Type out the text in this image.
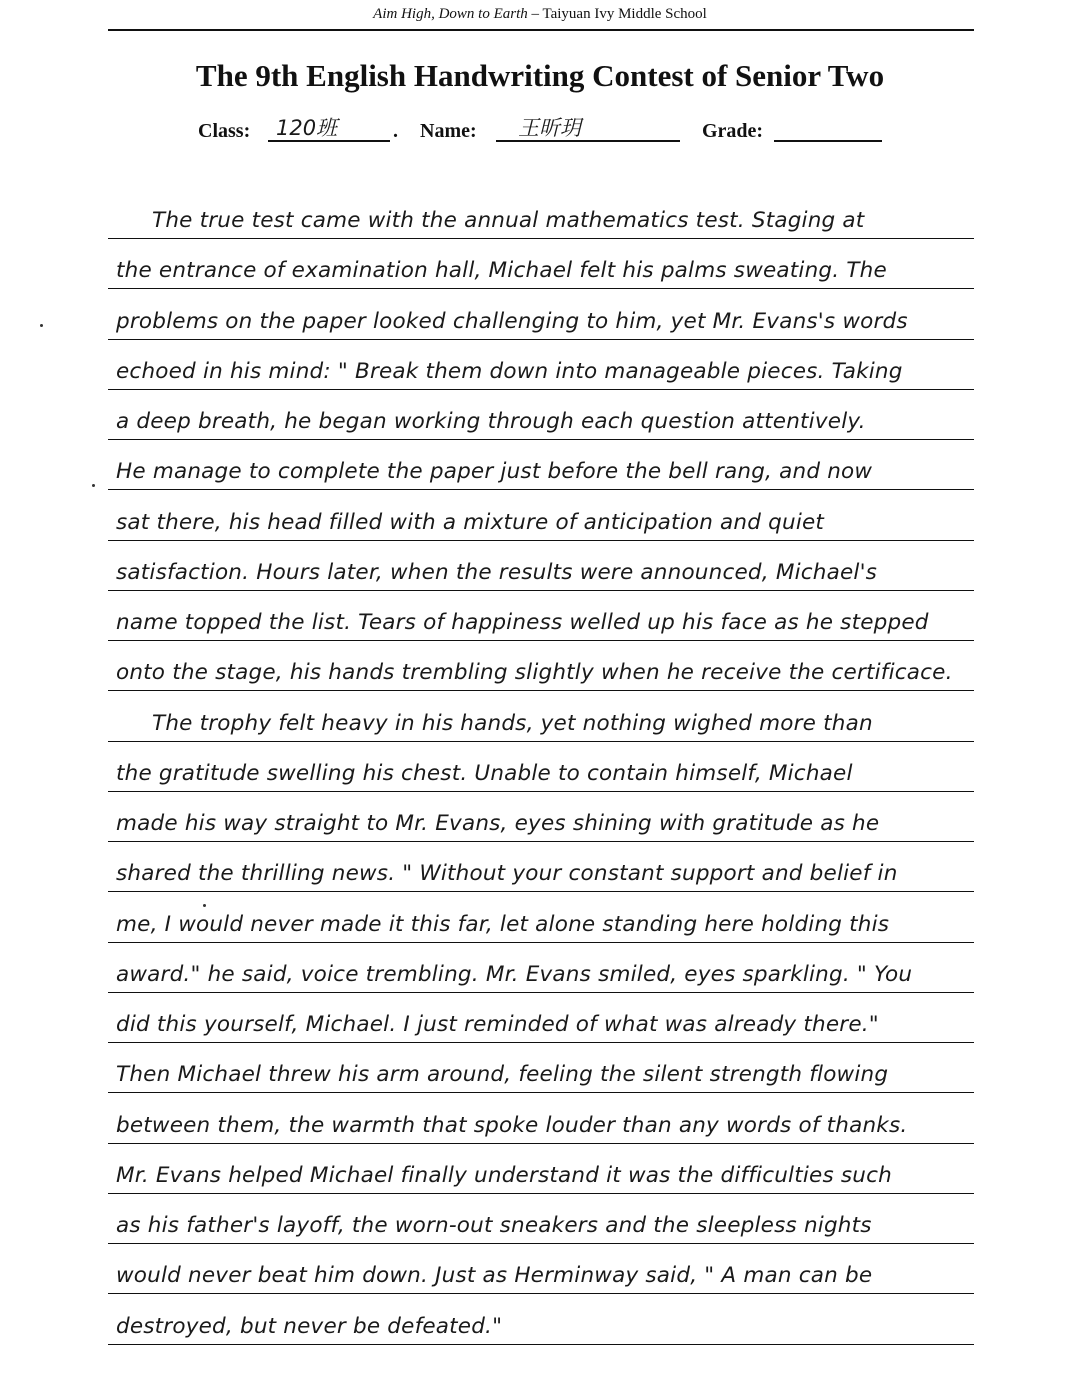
Aim High, Down to Earth – Taiyuan Ivy Middle School
The 9th English Handwriting Contest of Senior Two
Class:	120班	. Name:	王昕玥	Grade:
The true test came with the annual mathematics test. Staging at
the entrance of examination hall, Michael felt his palms sweating. The
problems on the paper looked challenging to him, yet Mr. Evans's words
echoed in his mind: " Break them down into manageable pieces. Taking
a deep breath, he began working through each question attentively.
He manage to complete the paper just before the bell rang, and now
sat there, his head filled with a mixture of anticipation and quiet
satisfaction. Hours later, when the results were announced, Michael's
name topped the list. Tears of happiness welled up his face as he stepped
onto the stage, his hands trembling slightly when he receive the certificace.
The trophy felt heavy in his hands, yet nothing wighed more than
the gratitude swelling his chest. Unable to contain himself, Michael
made his way straight to Mr. Evans, eyes shining with gratitude as he
shared the thrilling news. " Without your constant support and belief in
me, I would never made it this far, let alone standing here holding this
award." he said, voice trembling. Mr. Evans smiled, eyes sparkling. " You
did this yourself, Michael. I just reminded of what was already there."
Then Michael threw his arm around, feeling the silent strength flowing
between them, the warmth that spoke louder than any words of thanks.
Mr. Evans helped Michael finally understand it was the difficulties such
as his father's layoff, the worn-out sneakers and the sleepless nights
would never beat him down. Just as Herminway said, " A man can be
destroyed, but never be defeated."
